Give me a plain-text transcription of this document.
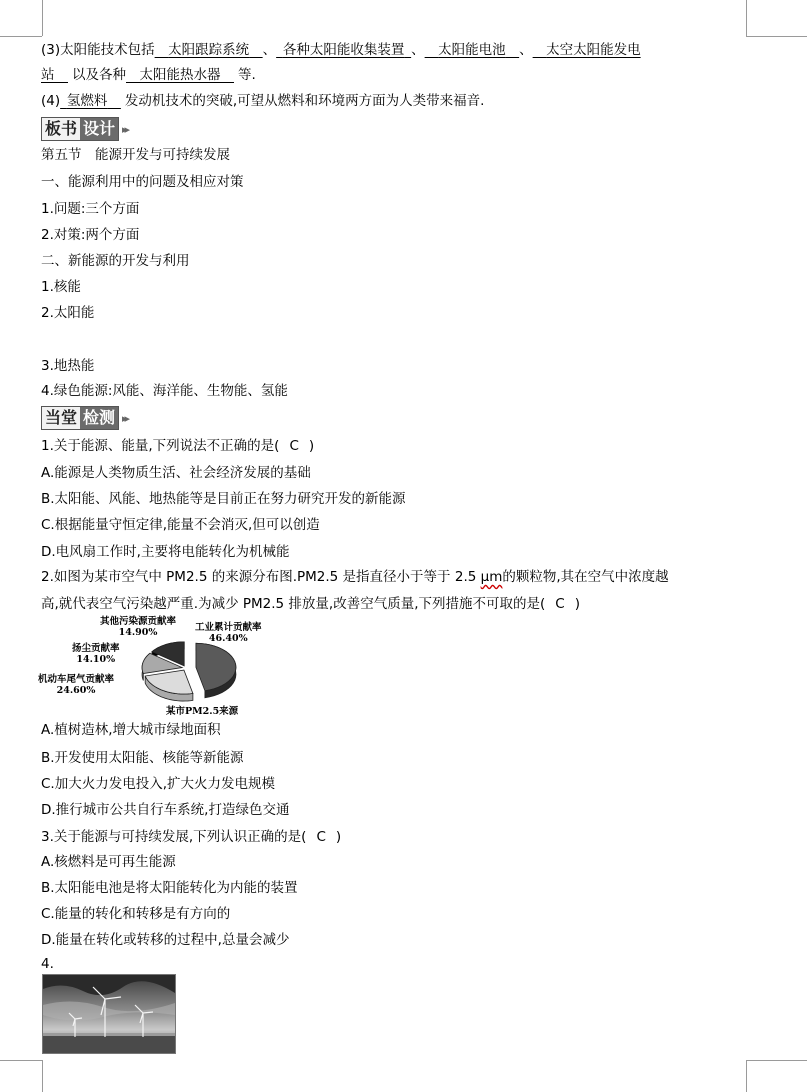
(3)太阳能技术包括  太阳跟踪系统  、  各种太阳能收集装置  、  太阳能电池  、  太空太阳能发电
站  以及各种  太阳能热水器  等.
(4)  氢燃料  发动机技术的突破,可望从燃料和环境两方面为人类带来福音.
板书 设计 ▸▸
第五节　能源开发与可持续发展
一、能源利用中的问题及相应对策
1.问题:三个方面
2.对策:两个方面
二、新能源的开发与利用
1.核能
2.太阳能
3.地热能
4.绿色能源:风能、海洋能、生物能、氢能
当堂 检测 ▸▸
1.关于能源、能量,下列说法不正确的是( C )
A.能源是人类物质生活、社会经济发展的基础
B.太阳能、风能、地热能等是目前正在努力研究开发的新能源
C.根据能量守恒定律,能量不会消灭,但可以创造
D.电风扇工作时,主要将电能转化为机械能
2.如图为某市空气中 PM2.5 的来源分布图.PM2.5 是指直径小于等于 2.5 μm的颗粒物,其在空气中浓度越
高,就代表空气污染越严重.为减少 PM2.5 排放量,改善空气质量,下列措施不可取的是( C )
其他污染源贡献率
14.90%	工业累计贡献率
46.40%
扬尘贡献率
14.10%
机动车尾气贡献率
24.60%
某市PM2.5来源
A.植树造林,增大城市绿地面积
B.开发使用太阳能、核能等新能源
C.加大火力发电投入,扩大火力发电规模
D.推行城市公共自行车系统,打造绿色交通
3.关于能源与可持续发展,下列认识正确的是( C )
A.核燃料是可再生能源
B.太阳能电池是将太阳能转化为内能的装置
C.能量的转化和转移是有方向的
D.能量在转化或转移的过程中,总量会减少
4.
